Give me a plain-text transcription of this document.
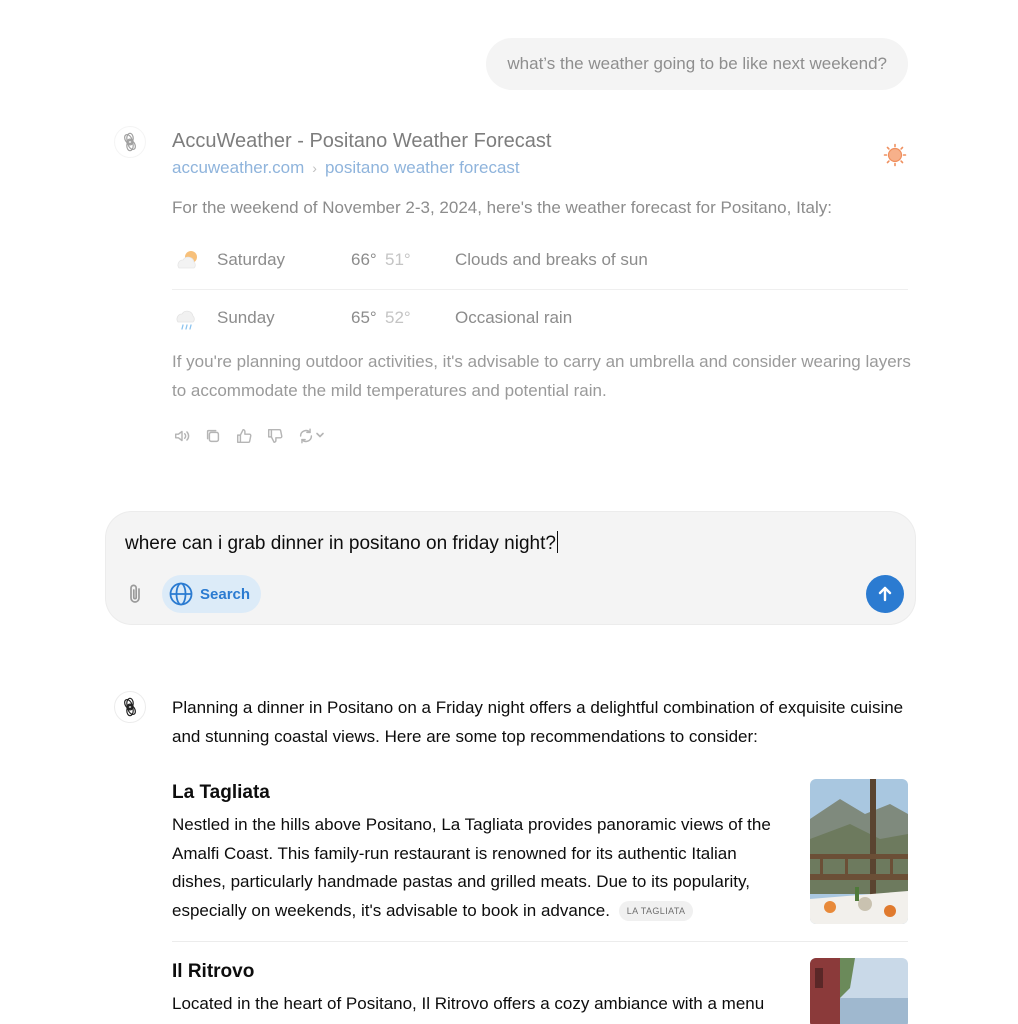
what’s the weather going to be like next weekend?
AccuWeather - Positano Weather Forecast
accuweather.com › positano weather forecast
For the weekend of November 2-3, 2024, here's the weather forecast for Positano, Italy:
Saturday	66° 51°	Clouds and breaks of sun
Sunday	65° 52°	Occasional rain
If you're planning outdoor activities, it's advisable to carry an umbrella and consider wearing layers to accommodate the mild temperatures and potential rain.
where can i grab dinner in positano on friday night?
Search
Planning a dinner in Positano on a Friday night offers a delightful combination of exquisite cuisine and stunning coastal views. Here are some top recommendations to consider:
La Tagliata
Nestled in the hills above Positano, La Tagliata provides panoramic views of the Amalfi Coast. This family-run restaurant is renowned for its authentic Italian dishes, particularly handmade pastas and grilled meats. Due to its popularity, especially on weekends, it's advisable to book in advance. LA TAGLIATA
Il Ritrovo
Located in the heart of Positano, Il Ritrovo offers a cozy ambiance with a menu
